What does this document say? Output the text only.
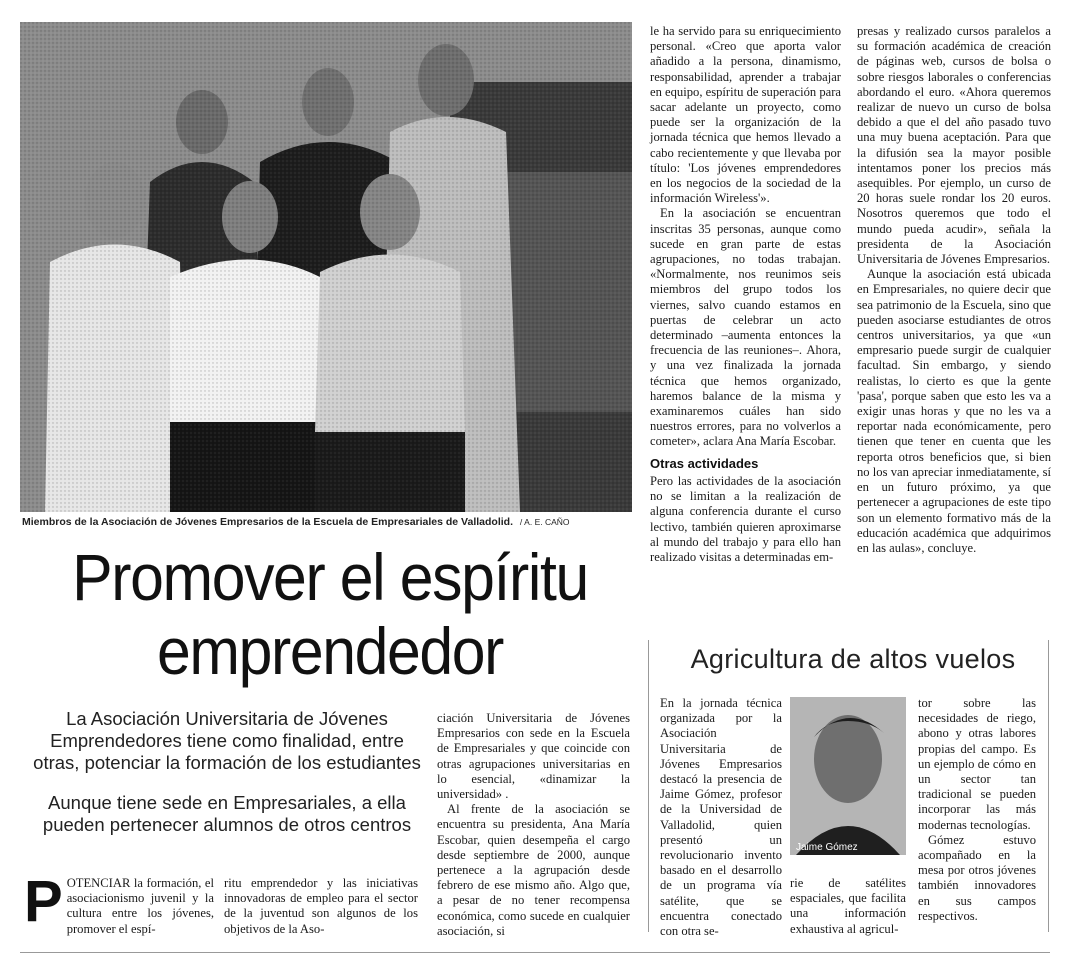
Miembros de la Asociación de Jóvenes Empresarios de la Escuela de Empresariales de Valladolid. / A. E. CAÑO
Promover el espíritu
emprendedor
La Asociación Universitaria de Jóvenes Emprendedores tiene como finalidad, entre otras, potenciar la formación de los estudiantes
Aunque tiene sede en Empresariales, a ella pueden pertenecer alumnos de otros centros
P OTENCIAR la formación, el asociacionismo juvenil y la cultura entre los jóvenes, promover el espí-

ritu emprendedor y las iniciativas innovadoras de empleo para el sector de la juventud son algunos de los objetivos de la Aso-

ciación Universitaria de Jóvenes Empresarios con sede en la Escuela de Empresariales y que coincide con otras agrupaciones universitarias en lo esencial, «dinamizar la universidad» .

Al frente de la asociación se encuentra su presidenta, Ana María Escobar, quien desempeña el cargo desde septiembre de 2000, aunque pertenece a la agrupación desde febrero de ese mismo año. Algo que, a pesar de no tener recompensa económica, como sucede en cualquier asociación, si

le ha servido para su enriquecimiento personal. «Creo que aporta valor añadido a la persona, dinamismo, responsabilidad, aprender a trabajar en equipo, espíritu de superación para sacar adelante un proyecto, como puede ser la organización de la jornada técnica que hemos llevado a cabo recientemente y que llevaba por título: 'Los jóvenes emprendedores en los negocios de la sociedad de la información Wireless'».

En la asociación se encuentran inscritas 35 personas, aunque como sucede en gran parte de estas agrupaciones, no todas trabajan. «Normalmente, nos reunimos seis miembros del grupo todos los viernes, salvo cuando estamos en puertas de celebrar un acto determinado –aumenta entonces la frecuencia de las reuniones–. Ahora, y una vez finalizada la jornada técnica que hemos organizado, haremos balance de la misma y examinaremos cuáles han sido nuestros errores, para no volverlos a cometer», aclara Ana María Escobar.

Otras actividades

Pero las actividades de la asociación no se limitan a la realización de alguna conferencia durante el curso lectivo, también quieren aproximarse al mundo del trabajo y para ello han realizado visitas a determinadas em-

presas y realizado cursos paralelos a su formación académica de creación de páginas web, cursos de bolsa o sobre riesgos laborales o conferencias abordando el euro. «Ahora queremos realizar de nuevo un curso de bolsa debido a que el del año pasado tuvo una muy buena aceptación. Para que la difusión sea la mayor posible intentamos poner los precios más asequibles. Por ejemplo, un curso de 20 horas suele rondar los 20 euros. Nosotros queremos que todo el mundo pueda acudir», señala la presidenta de la Asociación Universitaria de Jóvenes Empresarios.

Aunque la asociación está ubicada en Empresariales, no quiere decir que sea patrimonio de la Escuela, sino que pueden asociarse estudiantes de otros centros universitarios, ya que «un empresario puede surgir de cualquier facultad. Sin embargo, y siendo realistas, lo cierto es que la gente 'pasa', porque saben que esto les va a exigir unas horas y que no les va a reportar nada económicamente, pero tienen que tener en cuenta que les reporta otros beneficios que, si bien no los van apreciar inmediatamente, sí en un futuro próximo, ya que pertenecer a agrupaciones de este tipo son un elemento formativo más de la educación académica que adquirimos en las aulas», concluye.

Agricultura de altos vuelos
Jaime Gómez

En la jornada técnica organizada por la Asociación Universitaria de Jóvenes Empresarios destacó la presencia de Jaime Gómez, profesor de la Universidad de Valladolid, quien presentó un revolucionario invento basado en el desarrollo de un programa vía satélite, que se encuentra conectado con otra se-

rie de satélites espaciales, que facilita una información exhaustiva al agricul-

tor sobre las necesidades de riego, abono y otras labores propias del campo. Es un ejemplo de cómo en un sector tan tradicional se pueden incorporar las más modernas tecnologías.

Gómez estuvo acompañado en la mesa por otros jóvenes también innovadores en sus campos respectivos.
